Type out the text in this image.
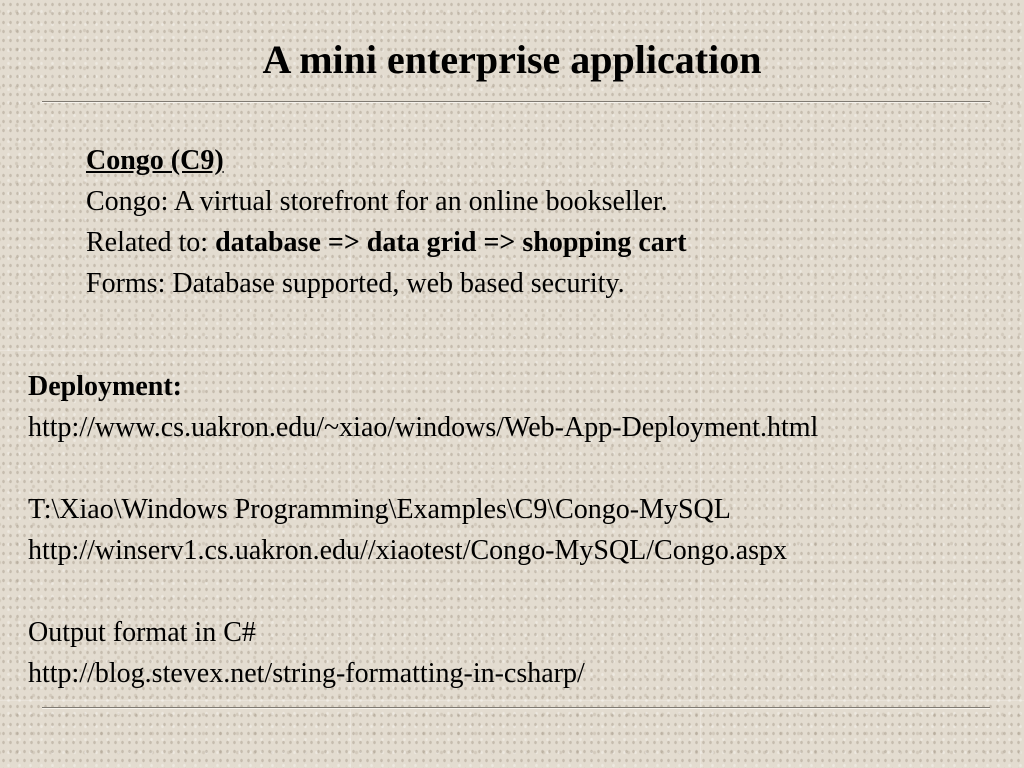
A mini enterprise application
Congo (C9)
Congo: A virtual storefront for an online bookseller.
Related to: database => data grid => shopping cart
Forms: Database supported, web based security.
Deployment:
http://www.cs.uakron.edu/~xiao/windows/Web-App-Deployment.html
T:\Xiao\Windows Programming\Examples\C9\Congo-MySQL
http://winserv1.cs.uakron.edu//xiaotest/Congo-MySQL/Congo.aspx
Output format in C#
http://blog.stevex.net/string-formatting-in-csharp/
